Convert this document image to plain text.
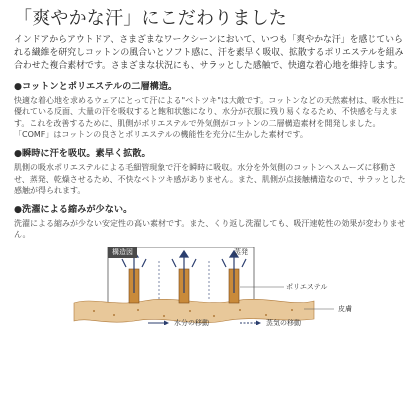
「爽やかな汗」にこだわりました

インドアからアウトドア、さまざまなワークシーンにおいて、いつも「爽やかな汗」を感じていられる繊維を研究しコットンの風合いとソフト感に、汗を素早く吸収、拡散するポリエステルを組み合わせた複合素材です。さまざまな状況にも、サラッとした感触で、快適な着心地を維持します。

●コットンとポリエステルの二層構造。

快適な着心地を求めるウェアにとって汗による"ベトツキ"は大敵です。コットンなどの天然素材は、吸水性に優れている反面、大量の汗を吸収すると飽和状態になり、水分が衣服に残り易くなるため、不快感を与えます。これを改善するために、肌側がポリエステルで外気側がコットンの二層構造素材を開発しました。「COMF」はコットンの良さとポリエステルの機能性を充分に生かした素材です。

●瞬時に汗を吸収。素早く拡散。

肌側の吸水ポリエステルによる毛細管現象で汗を瞬時に吸収。水分を外気側のコットンへスムーズに移動させ、蒸発、乾燥させるため、不快なベトツキ感がありません。また、肌側が点接触構造なので、サラッとした感触が得られます。

●洗濯による縮みが少ない。

洗濯による縮みが少ない安定性の高い素材です。また、くり返し洗濯しても、吸汗速乾性の効果が変わりません。

構造図	蒸発
ポリエステル
皮膚
水分の移動	蒸気の移動
